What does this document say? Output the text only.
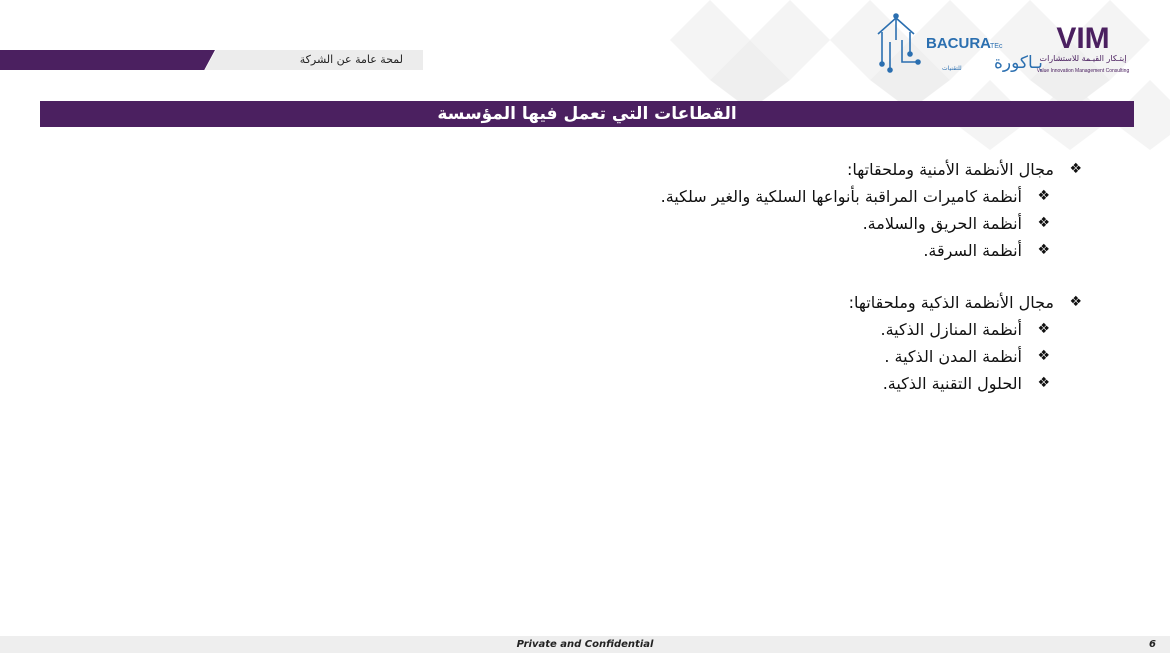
لمحة عامة عن الشركة
BACURA TEc
بـاكورة
للتقنيات
VIM
إبتـكار القيـمة للاستشارات
Value Innovation Management Consulting
القطاعات التي تعمل فيها المؤسسة
❖
مجال الأنظمة الأمنية وملحقاتها:
❖
أنظمة كاميرات المراقبة بأنواعها السلكية والغير سلكية.
❖
أنظمة الحريق والسلامة.
❖
أنظمة السرقة.
❖
مجال الأنظمة الذكية وملحقاتها:
❖
أنظمة المنازل الذكية.
❖
أنظمة المدن الذكية .
❖
الحلول التقنية الذكية.
Private and Confidential	6
